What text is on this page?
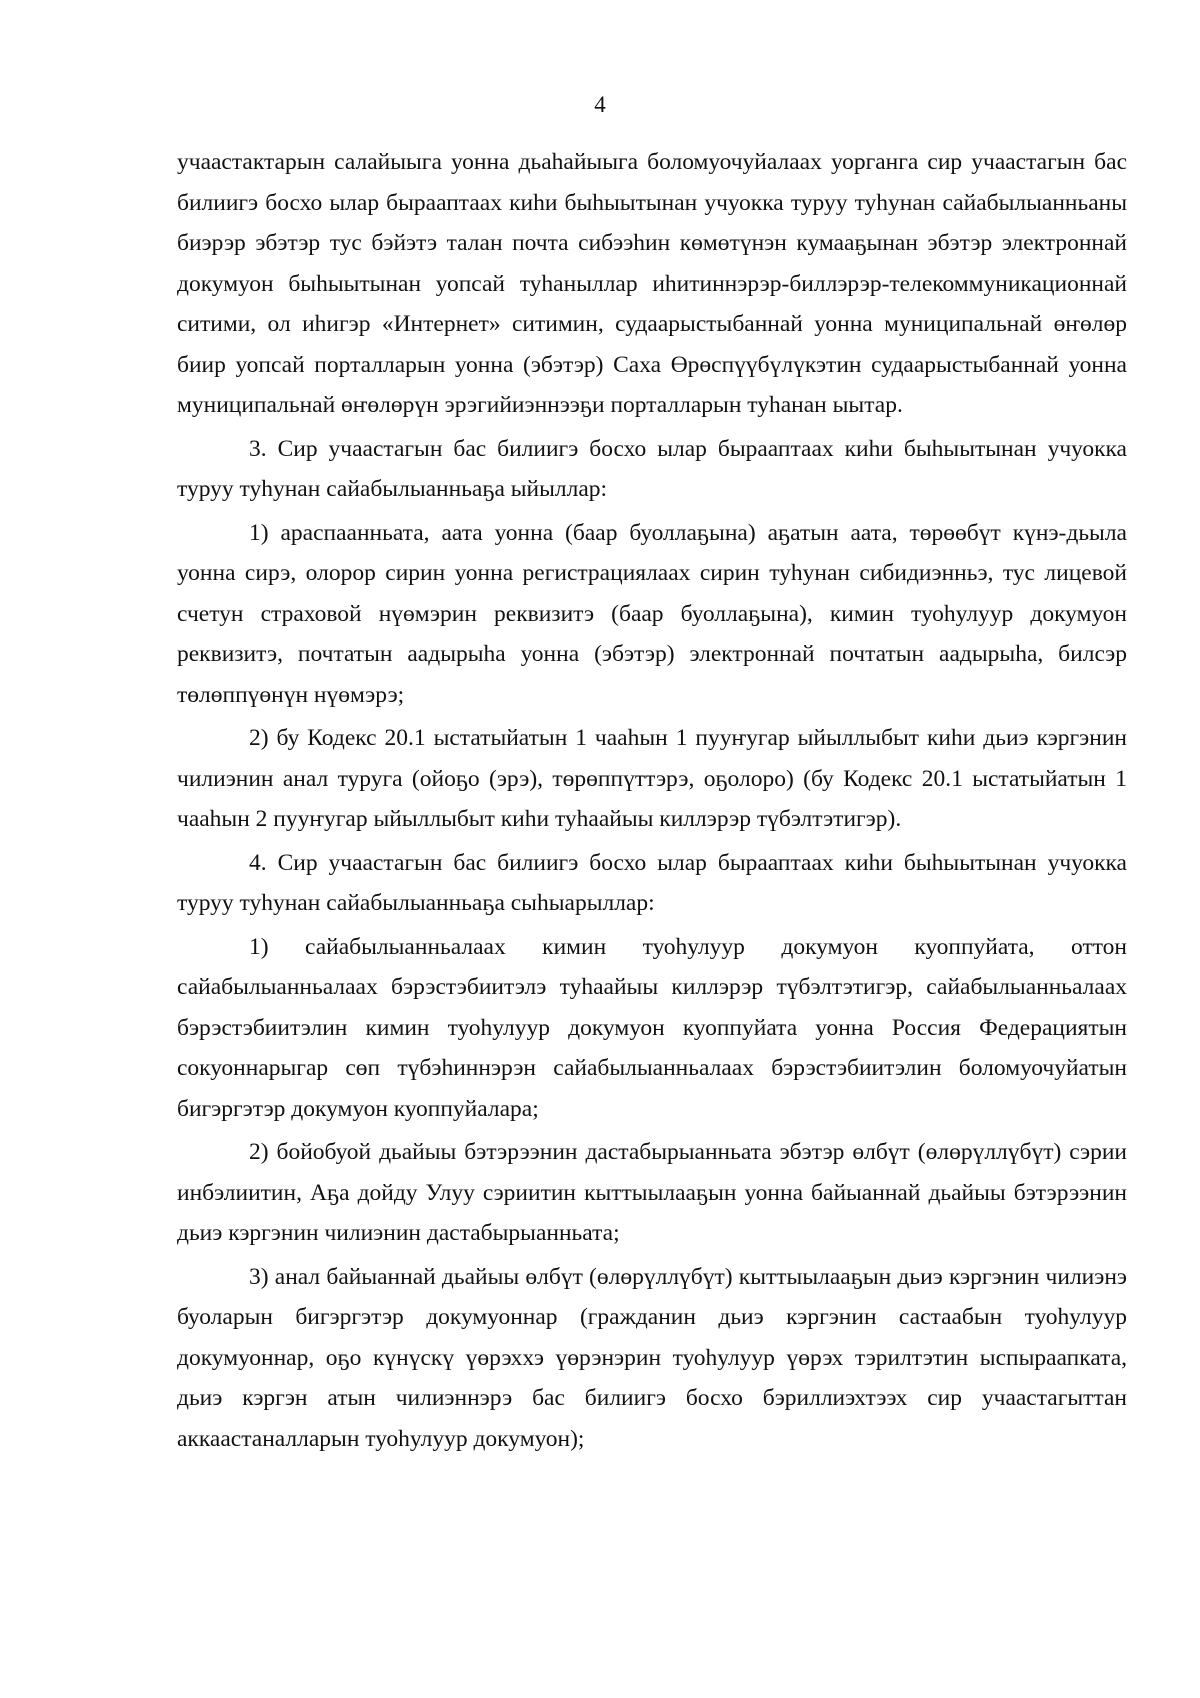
4

учаастактарын салайыыга уонна дьаһайыыга боломуочуйалаах уорганга сир учаастагын бас билиигэ босхо ылар бырааптаах киһи быһыытынан учуокка туруу туһунан сайабылыанньаны биэрэр эбэтэр тус бэйэтэ талан почта сибээһин көмөтүнэн кумааҕынан эбэтэр электроннай докумуон быһыытынан уопсай туһаныллар иһитиннэрэр-биллэрэр-телекоммуникационнай ситими, ол иһигэр «Интернет» ситимин, судаарыстыбаннай уонна муниципальнай өҥөлөр биир уопсай порталларын уонна (эбэтэр) Саха Өрөспүүбүлүкэтин судаарыстыбаннай уонна муниципальнай өҥөлөрүн эрэгийиэннээҕи порталларын туһанан ыытар.

3. Сир учаастагын бас билиигэ босхо ылар бырааптаах киһи быһыытынан учуокка туруу туһунан сайабылыанньаҕа ыйыллар:

1) араспаанньата, аата уонна (баар буоллаҕына) аҕатын аата, төрөөбүт күнэ-дьыла уонна сирэ, олорор сирин уонна регистрациялаах сирин туһунан сибидиэнньэ, тус лицевой счетун страховой нүөмэрин реквизитэ (баар буоллаҕына), кимин туоһулуур докумуон реквизитэ, почтатын аадырыһа уонна (эбэтэр) электроннай почтатын аадырыһа, билсэр төлөппүөнүн нүөмэрэ;

2) бу Кодекс 20.1 ыстатыйатын 1 чааһын 1 пууҥугар ыйыллыбыт киһи дьиэ кэргэнин чилиэнин анал туруга (ойоҕо (эрэ), төрөппүттэрэ, оҕолоро) (бу Кодекс 20.1 ыстатыйатын 1 чааһын 2 пууҥугар ыйыллыбыт киһи туһаайыы киллэрэр түбэлтэтигэр).

4. Сир учаастагын бас билиигэ босхо ылар бырааптаах киһи быһыытынан учуокка туруу туһунан сайабылыанньаҕа сыһыарыллар:

1) сайабылыанньалаах кимин туоһулуур докумуон куоппуйата, оттон сайабылыанньалаах бэрэстэбиитэлэ туһаайыы киллэрэр түбэлтэтигэр, сайабылыанньалаах бэрэстэбиитэлин кимин туоһулуур докумуон куоппуйата уонна Россия Федерациятын сокуоннарыгар сөп түбэһиннэрэн сайабылыанньалаах бэрэстэбиитэлин боломуочуйатын бигэргэтэр докумуон куоппуйалара;

2) бойобуой дьайыы бэтэрээнин дастабырыанньата эбэтэр өлбүт (өлөрүллүбүт) сэрии инбэлиитин, Аҕа дойду Улуу сэриитин кыттыылааҕын уонна байыаннай дьайыы бэтэрээнин дьиэ кэргэнин чилиэнин дастабырыанньата;

3) анал байыаннай дьайыы өлбүт (өлөрүллүбүт) кыттыылааҕын дьиэ кэргэнин чилиэнэ буоларын бигэргэтэр докумуоннар (гражданин дьиэ кэргэнин састаабын туоһулуур докумуоннар, оҕо күнүскү үөрэххэ үөрэнэрин туоһулуур үөрэх тэрилтэтин ыспыраапката, дьиэ кэргэн атын чилиэннэрэ бас билиигэ босхо бэриллиэхтээх сир учаастагыттан аккаастаналларын туоһулуур докумуон);
